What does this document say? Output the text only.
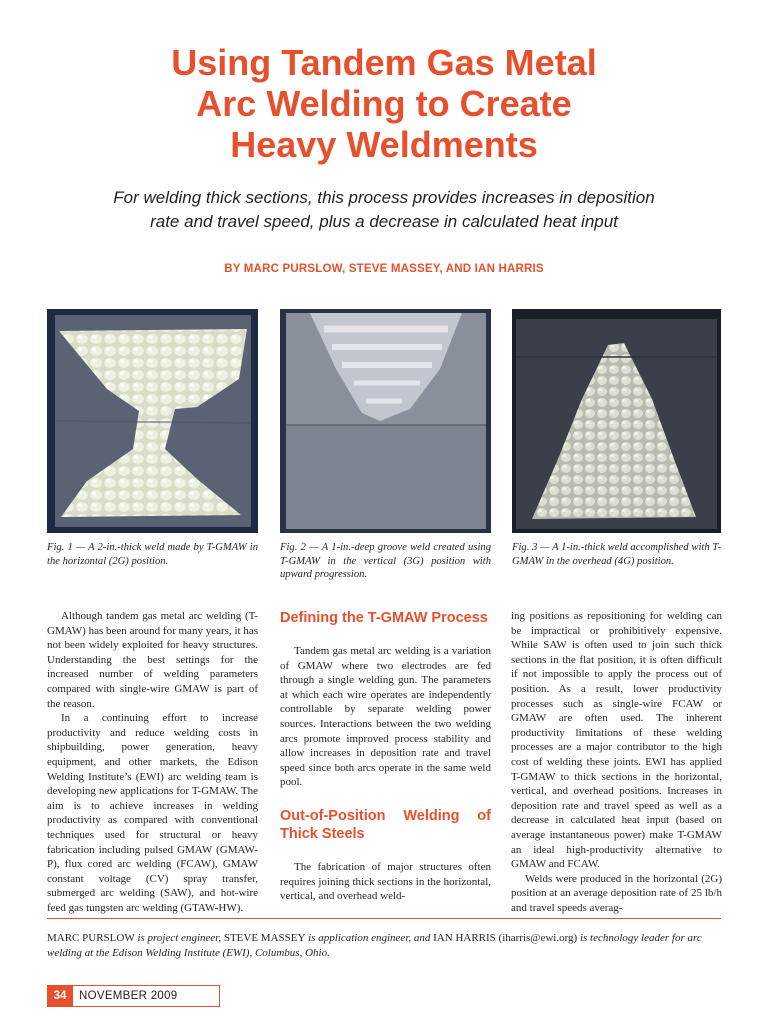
Using Tandem Gas Metal
Arc Welding to Create
Heavy Weldments
For welding thick sections, this process provides increases in deposition
rate and travel speed, plus a decrease in calculated heat input
BY MARC PURSLOW, STEVE MASSEY, AND IAN HARRIS
Fig. 1 — A 2-in.-thick weld made by T-GMAW in the horizontal (2G) position.
Fig. 2 — A 1-in.-deep groove weld created using T-GMAW in the vertical (3G) position with upward progression.
Fig. 3 — A 1-in.-thick weld accomplished with T-GMAW in the overhead (4G) position.

Although tandem gas metal arc welding (T-GMAW) has been around for many years, it has not been widely exploited for heavy structures. Understanding the best settings for the increased number of welding parameters compared with single-wire GMAW is part of the reason.

In a continuing effort to increase productivity and reduce welding costs in shipbuilding, power generation, heavy equipment, and other markets, the Edison Welding Institute’s (EWI) arc welding team is developing new applications for T-GMAW. The aim is to achieve increases in welding productivity as compared with conventional techniques used for structural or heavy fabrication including pulsed GMAW (GMAW-P), flux cored arc welding (FCAW), GMAW constant voltage (CV) spray transfer, submerged arc welding (SAW), and hot-wire feed gas tungsten arc welding (GTAW-HW).

Defining the T-GMAW Process

Tandem gas metal arc welding is a variation of GMAW where two electrodes are fed through a single welding gun. The parameters at which each wire operates are independently controllable by separate welding power sources. Interactions between the two welding arcs promote improved process stability and allow increases in deposition rate and travel speed since both arcs operate in the same weld pool.

Out-of-Position Welding of Thick Steels

The fabrication of major structures often requires joining thick sections in the horizontal, vertical, and overhead weld-

ing positions as repositioning for welding can be impractical or prohibitively expensive. While SAW is often used to join such thick sections in the flat position, it is often difficult if not impossible to apply the process out of position. As a result, lower productivity processes such as single-wire FCAW or GMAW are often used. The inherent productivity limitations of these welding processes are a major contributor to the high cost of welding these joints. EWI has applied T-GMAW to thick sections in the horizontal, vertical, and overhead positions. Increases in deposition rate and travel speed as well as a decrease in calculated heat input (based on average instantaneous power) make T-GMAW an ideal high-productivity alternative to GMAW and FCAW.

Welds were produced in the horizontal (2G) position at an average deposition rate of 25 lb/h and travel speeds averag-

MARC PURSLOW is project engineer, STEVE MASSEY is application engineer, and IAN HARRIS (iharris@ewi.org) is technology leader for arc welding at the Edison Welding Institute (EWI), Columbus, Ohio.
34	NOVEMBER 2009
